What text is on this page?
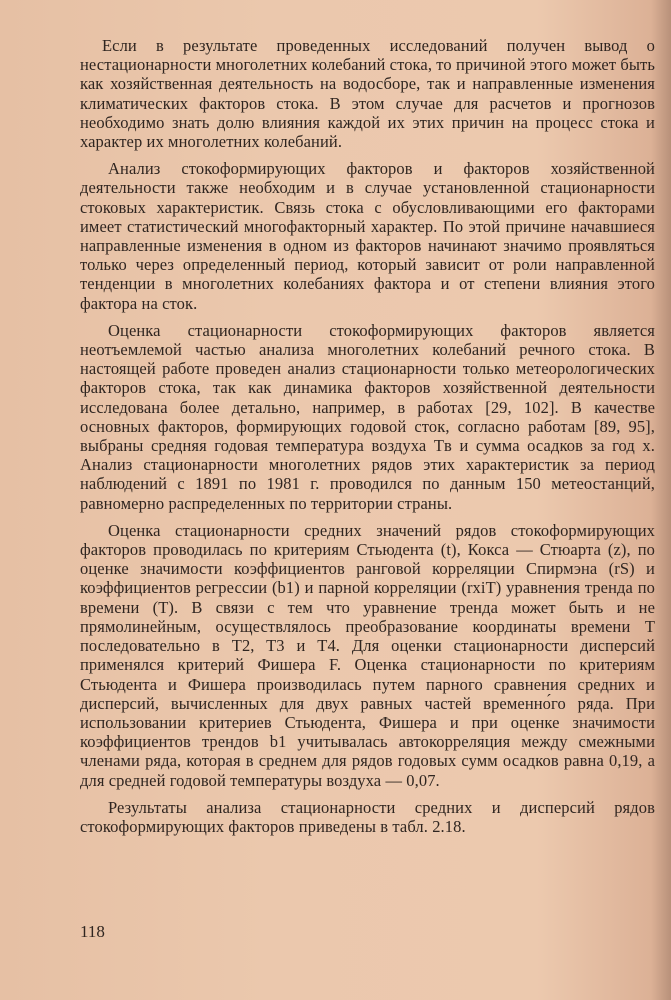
Если в результате проведенных исследований получен вывод о нестационарности многолетних колебаний стока, то причиной этого может быть как хозяйственная деятельность на водосборе, так и направленные изменения климатических факторов стока. В этом случае для расчетов и прогнозов необходимо знать долю влияния каждой их этих причин на процесс стока и характер их многолетних колебаний.

Анализ стокоформирующих факторов и факторов хозяйственной деятельности также необходим и в случае установленной стационарности стоковых характеристик. Связь стока с обусловливающими его факторами имеет статистический многофакторный характер. По этой причине начавшиеся направленные изменения в одном из факторов начинают значимо проявляться только через определенный период, который зависит от роли направленной тенденции в многолетних колебаниях фактора и от степени влияния этого фактора на сток.

Оценка стационарности стокоформирующих факторов является неотъемлемой частью анализа многолетних колебаний речного стока. В настоящей работе проведен анализ стационарности только метеорологических факторов стока, так как динамика факторов хозяйственной деятельности исследована более детально, например, в работах [29, 102]. В качестве основных факторов, формирующих годовой сток, согласно работам [89, 95], выбраны средняя годовая температура воздуха Tв и сумма осадков за год x. Анализ стационарности многолетних рядов этих характеристик за период наблюдений с 1891 по 1981 г. проводился по данным 150 метеостанций, равномерно распределенных по территории страны.

Оценка стационарности средних значений рядов стокоформирующих факторов проводилась по критериям Стьюдента (t), Кокса — Стюарта (z), по оценке значимости коэффициентов ранговой корреляции Спирмэна (rS) и коэффициентов регрессии (b1) и парной корреляции (rxiT) уравнения тренда по времени (T). В связи с тем что уравнение тренда может быть и не прямолинейным, осуществлялось преобразование координаты времени T последовательно в T2, T3 и T4. Для оценки стационарности дисперсий применялся критерий Фишера F. Оценка стационарности по критериям Стьюдента и Фишера производилась путем парного сравнения средних и дисперсий, вычисленных для двух равных частей временно́го ряда. При использовании критериев Стьюдента, Фишера и при оценке значимости коэффициентов трендов b1 учитывалась автокорреляция между смежными членами ряда, которая в среднем для рядов годовых сумм осадков равна 0,19, а для средней годовой температуры воздуха — 0,07.

Результаты анализа стационарности средних и дисперсий рядов стокоформирующих факторов приведены в табл. 2.18.

118
